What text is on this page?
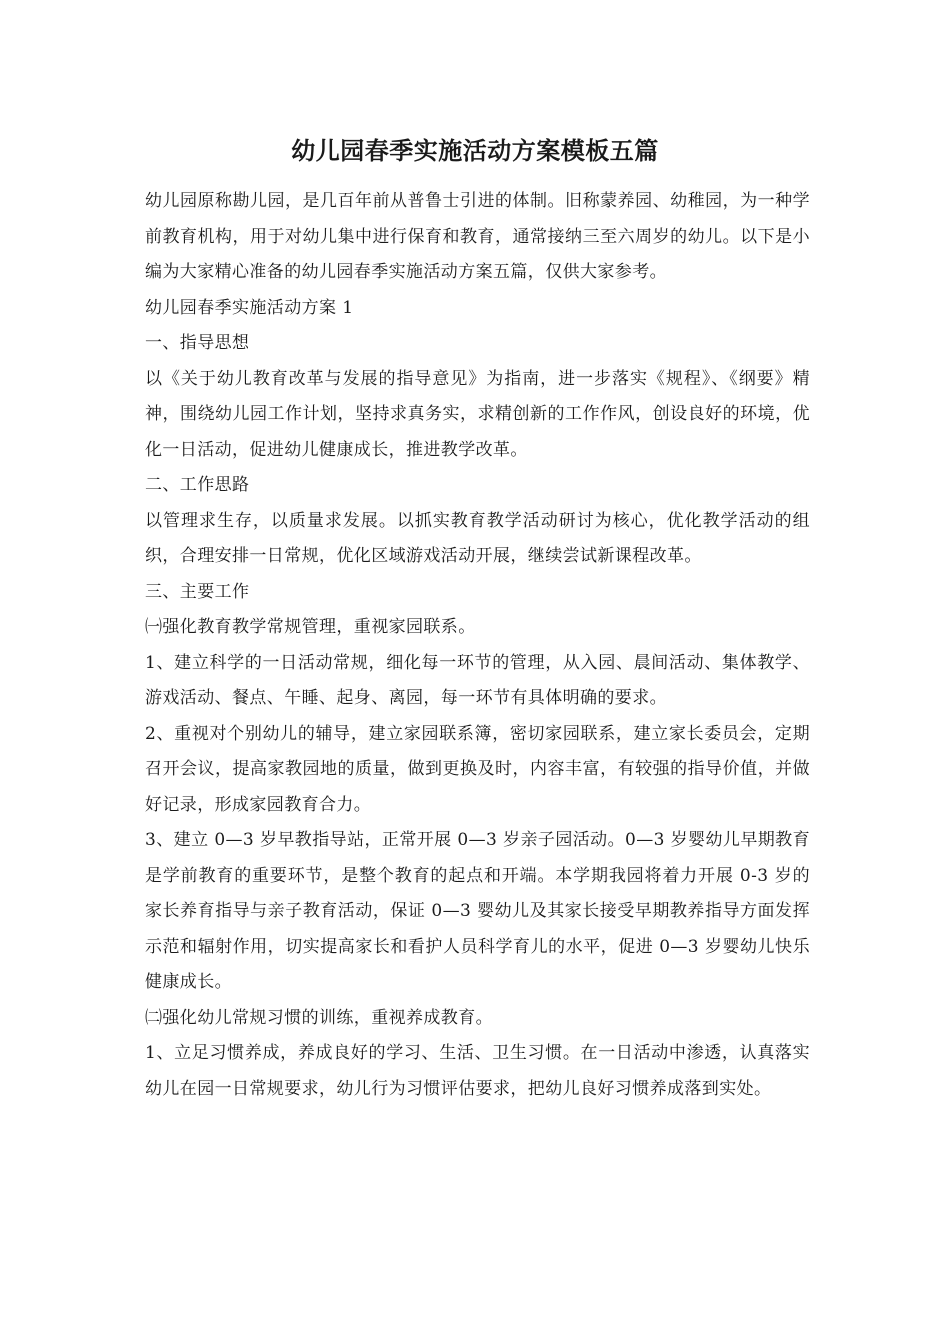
幼儿园春季实施活动方案模板五篇

幼儿园原称勘儿园，是几百年前从普鲁士引进的体制。旧称蒙养园、幼稚园，为一种学前教育机构，用于对幼儿集中进行保育和教育，通常接纳三至六周岁的幼儿。以下是小编为大家精心准备的幼儿园春季实施活动方案五篇，仅供大家参考。

幼儿园春季实施活动方案 1

一、指导思想

以《关于幼儿教育改革与发展的指导意见》为指南，进一步落实《规程》、《纲要》精神，围绕幼儿园工作计划，坚持求真务实，求精创新的工作作风，创设良好的环境，优化一日活动，促进幼儿健康成长，推进教学改革。

二、工作思路

以管理求生存，以质量求发展。以抓实教育教学活动研讨为核心，优化教学活动的组织，合理安排一日常规，优化区域游戏活动开展，继续尝试新课程改革。

三、主要工作

㈠强化教育教学常规管理，重视家园联系。

1、建立科学的一日活动常规，细化每一环节的管理，从入园、晨间活动、集体教学、游戏活动、餐点、午睡、起身、离园，每一环节有具体明确的要求。

2、重视对个别幼儿的辅导，建立家园联系簿，密切家园联系，建立家长委员会，定期召开会议，提高家教园地的质量，做到更换及时，内容丰富，有较强的指导价值，并做好记录，形成家园教育合力。

3、建立 0—3 岁早教指导站，正常开展 0—3 岁亲子园活动。0—3 岁婴幼儿早期教育是学前教育的重要环节，是整个教育的起点和开端。本学期我园将着力开展 0-3 岁的家长养育指导与亲子教育活动，保证 0—3 婴幼儿及其家长接受早期教养指导方面发挥示范和辐射作用，切实提高家长和看护人员科学育儿的水平，促进 0—3 岁婴幼儿快乐健康成长。

㈡强化幼儿常规习惯的训练，重视养成教育。

1、立足习惯养成，养成良好的学习、生活、卫生习惯。在一日活动中渗透，认真落实幼儿在园一日常规要求，幼儿行为习惯评估要求，把幼儿良好习惯养成落到实处。
